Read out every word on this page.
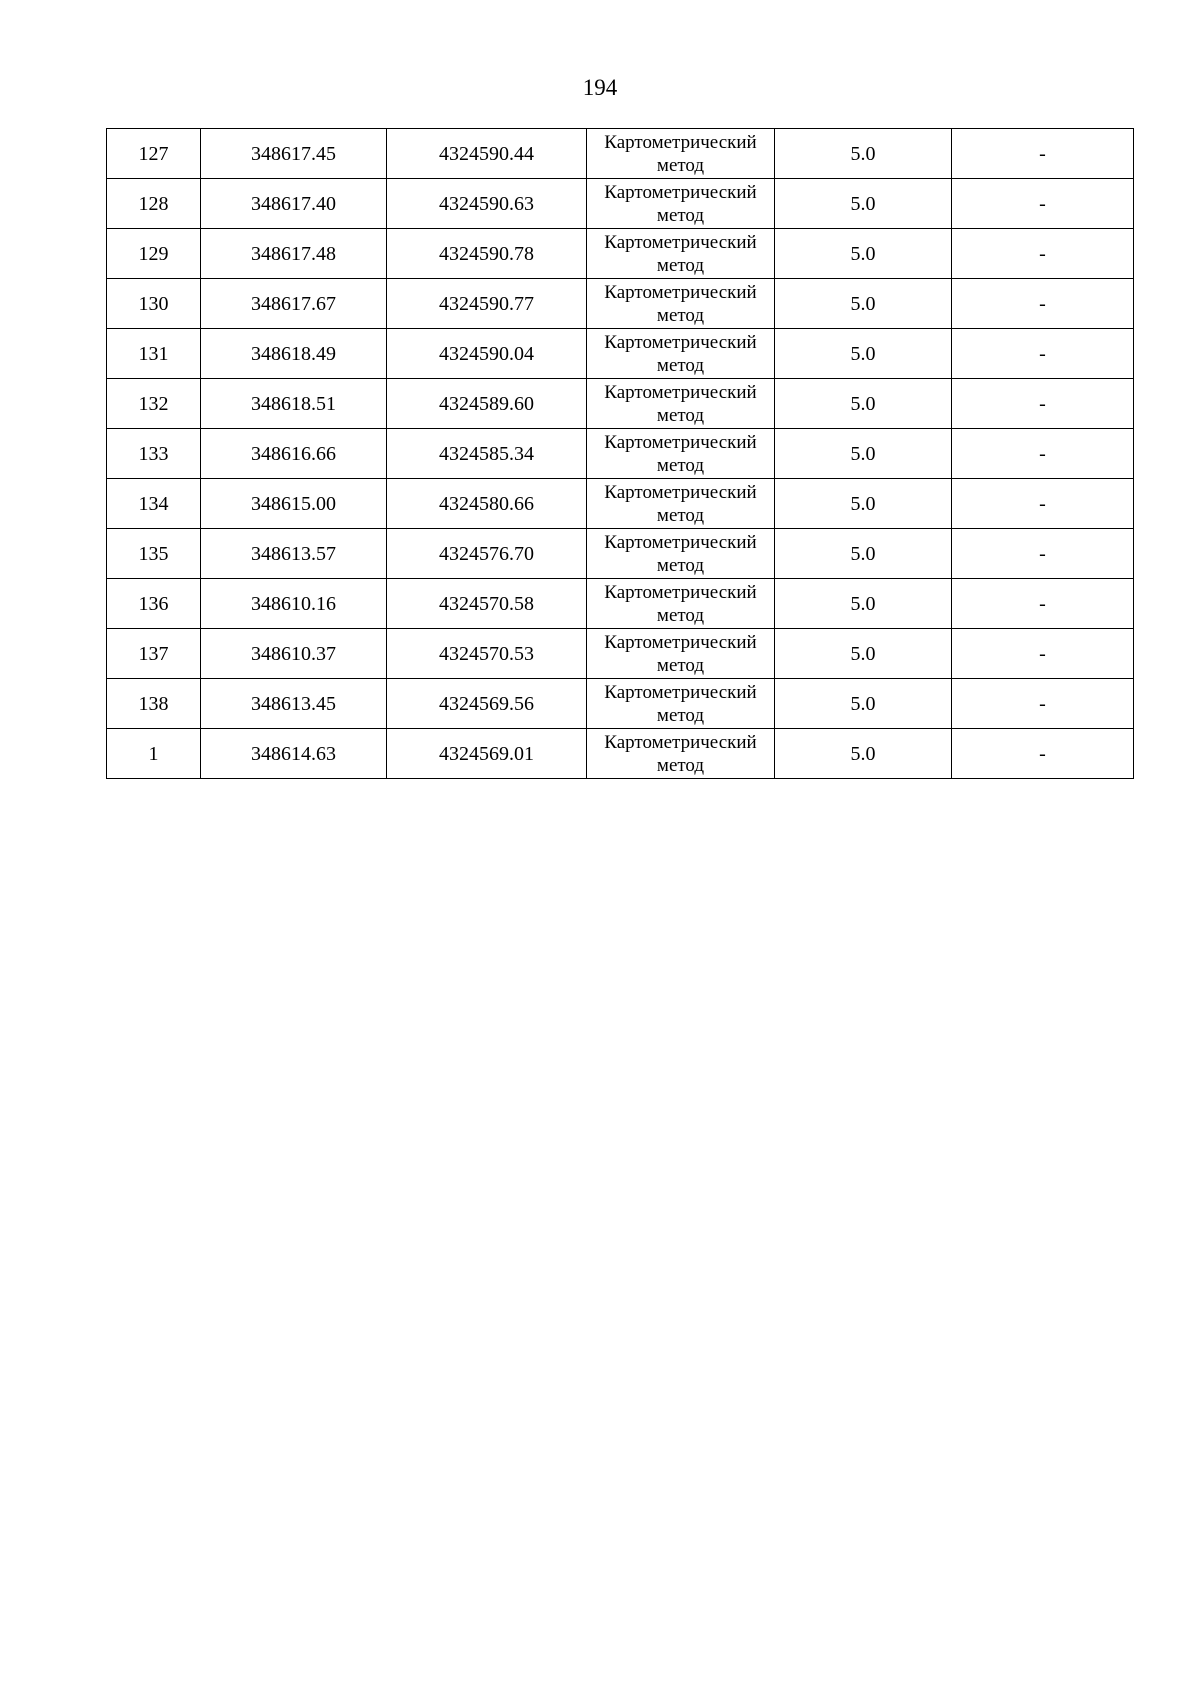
194
127	348617.45	4324590.44	Картометрический
метод	5.0	-
128	348617.40	4324590.63	Картометрический
метод	5.0	-
129	348617.48	4324590.78	Картометрический
метод	5.0	-
130	348617.67	4324590.77	Картометрический
метод	5.0	-
131	348618.49	4324590.04	Картометрический
метод	5.0	-
132	348618.51	4324589.60	Картометрический
метод	5.0	-
133	348616.66	4324585.34	Картометрический
метод	5.0	-
134	348615.00	4324580.66	Картометрический
метод	5.0	-
135	348613.57	4324576.70	Картометрический
метод	5.0	-
136	348610.16	4324570.58	Картометрический
метод	5.0	-
137	348610.37	4324570.53	Картометрический
метод	5.0	-
138	348613.45	4324569.56	Картометрический
метод	5.0	-
1	348614.63	4324569.01	Картометрический
метод	5.0	-
